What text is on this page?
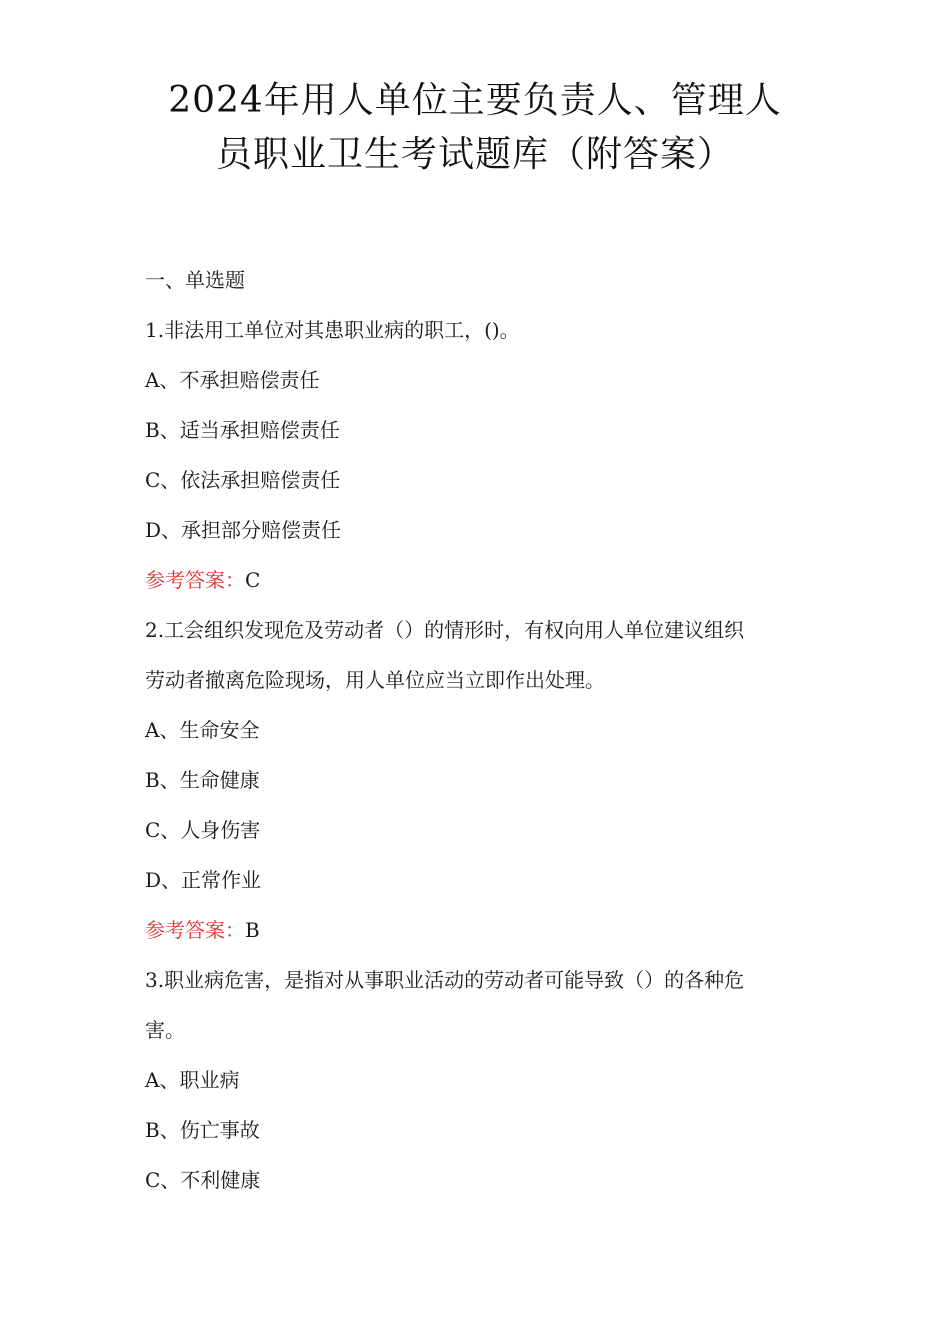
2024年用人单位主要负责人、管理人
员职业卫生考试题库（附答案）
一、单选题
1.非法用工单位对其患职业病的职工，()。
A、不承担赔偿责任
B、适当承担赔偿责任
C、依法承担赔偿责任
D、承担部分赔偿责任
参考答案：C
2.工会组织发现危及劳动者（）的情形时，有权向用人单位建议组织
劳动者撤离危险现场，用人单位应当立即作出处理。
A、生命安全
B、生命健康
C、人身伤害
D、正常作业
参考答案：B
3.职业病危害，是指对从事职业活动的劳动者可能导致（）的各种危
害。
A、职业病
B、伤亡事故
C、不利健康
